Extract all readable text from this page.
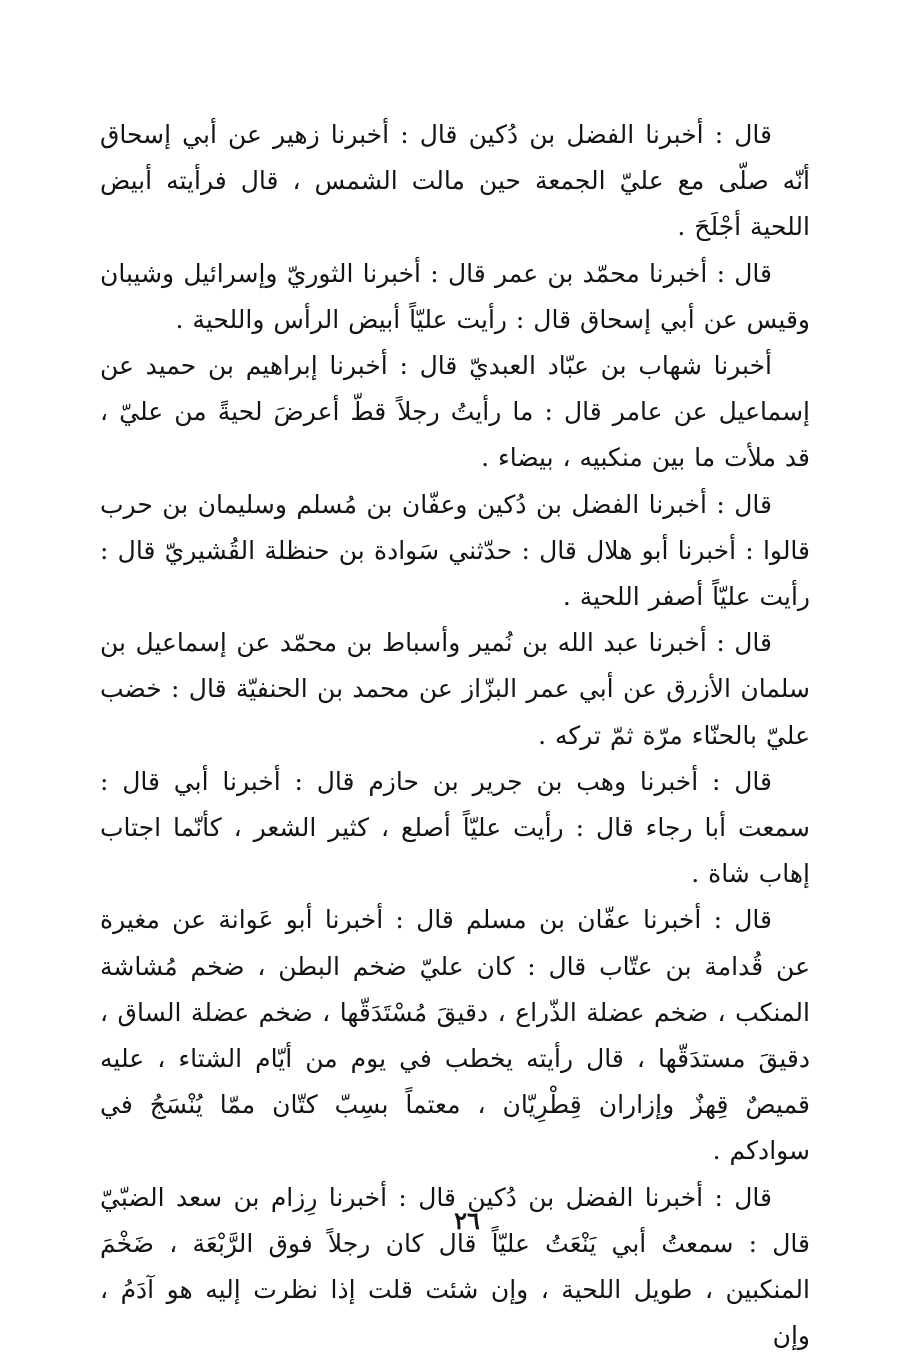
قال : أخبرنا الفضل بن دُكين قال : أخبرنا زهير عن أبي إسحاق أنّه صلّى مع عليّ الجمعة حين مالت الشمس ، قال فرأيته أبيض اللحية أجْلَحَ .

قال : أخبرنا محمّد بن عمر قال : أخبرنا الثوريّ وإسرائيل وشيبان وقيس عن أبي إسحاق قال : رأيت عليّاً أبيض الرأس واللحية .

أخبرنا شهاب بن عبّاد العبديّ قال : أخبرنا إبراهيم بن حميد عن إسماعيل عن عامر قال : ما رأيتُ رجلاً قطّ أعرضَ لحيةً من عليّ ، قد ملأت ما بين منكبيه ، بيضاء .

قال : أخبرنا الفضل بن دُكين وعفّان بن مُسلم وسليمان بن حرب قالوا : أخبرنا أبو هلال قال : حدّثني سَوادة بن حنظلة القُشيريّ قال : رأيت عليّاً أصفر اللحية .

قال : أخبرنا عبد الله بن نُمير وأسباط بن محمّد عن إسماعيل بن سلمان الأزرق عن أبي عمر البزّاز عن محمد بن الحنفيّة قال : خضب عليّ بالحنّاء مرّة ثمّ تركه .

قال : أخبرنا وهب بن جرير بن حازم قال : أخبرنا أبي قال : سمعت أبا رجاء قال : رأيت عليّاً أصلع ، كثير الشعر ، كأنّما اجتاب إهاب شاة .

قال : أخبرنا عفّان بن مسلم قال : أخبرنا أبو عَوانة عن مغيرة عن قُدامة بن عتّاب قال : كان عليّ ضخم البطن ، ضخم مُشاشة المنكب ، ضخم عضلة الذّراع ، دقيقَ مُسْتَدَقّها ، ضخم عضلة الساق ، دقيقَ مستدَقّها ، قال رأيته يخطب في يوم من أيّام الشتاء ، عليه قميصٌ قِهزٌ وإزاران قِطْرِيّان ، معتماً بسِبّ كتّان ممّا يُنْسَجُ في سوادكم .

قال : أخبرنا الفضل بن دُكين قال : أخبرنا رِزام بن سعد الضبّيّ قال : سمعتُ أبي يَنْعَتُ عليّاً قال كان رجلاً فوق الرَّبْعَة ، ضَخْمَ المنكبين ، طويل اللحية ، وإن شئت قلت إذا نظرت إليه هو آدَمُ ، وإن

٢٦
